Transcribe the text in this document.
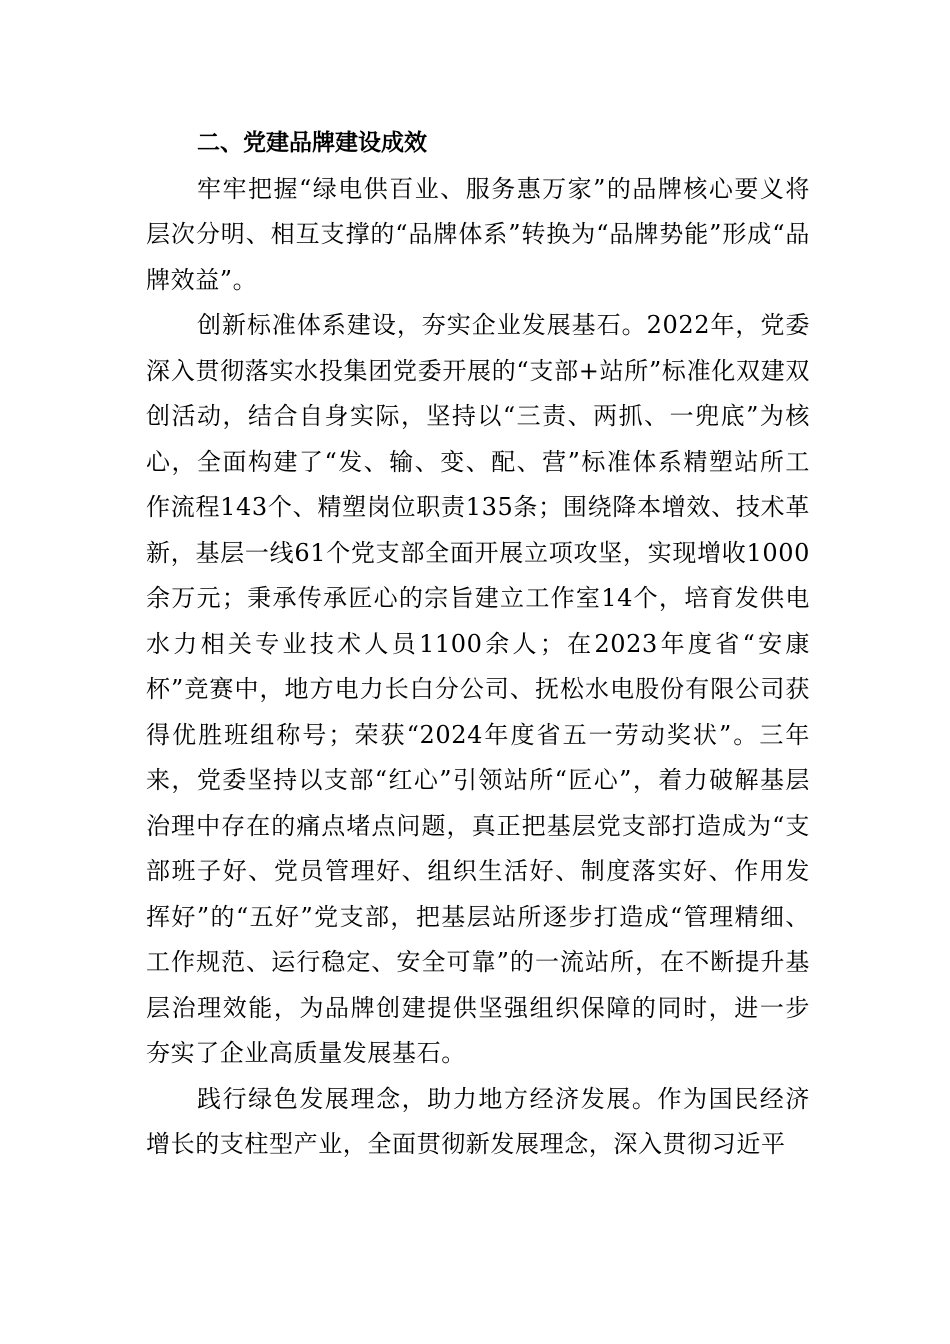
二、党建品牌建设成效

牢牢把握“绿电供百业、服务惠万家”的品牌核心要义将层次分明、相互支撑的“品牌体系”转换为“品牌势能”形成“品牌效益”。

创新标准体系建设，夯实企业发展基石。2022年，党委深入贯彻落实水投集团党委开展的“支部+站所”标准化双建双创活动，结合自身实际，坚持以“三责、两抓、一兜底”为核心，全面构建了“发、输、变、配、营”标准体系精塑站所工作流程143个、精塑岗位职责135条；围绕降本增效、技术革新，基层一线61个党支部全面开展立项攻坚，实现增收1000余万元；秉承传承匠心的宗旨建立工作室14个，培育发供电水力相关专业技术人员1100余人；在2023年度省“安康杯”竞赛中，地方电力长白分公司、抚松水电股份有限公司获得优胜班组称号；荣获“2024年度省五一劳动奖状”。三年来，党委坚持以支部“红心”引领站所“匠心”，着力破解基层治理中存在的痛点堵点问题，真正把基层党支部打造成为“支部班子好、党员管理好、组织生活好、制度落实好、作用发挥好”的“五好”党支部，把基层站所逐步打造成“管理精细、工作规范、运行稳定、安全可靠”的一流站所，在不断提升基层治理效能，为品牌创建提供坚强组织保障的同时，进一步夯实了企业高质量发展基石。

践行绿色发展理念，助力地方经济发展。作为国民经济增长的支柱型产业，全面贯彻新发展理念，深入贯彻习近平
